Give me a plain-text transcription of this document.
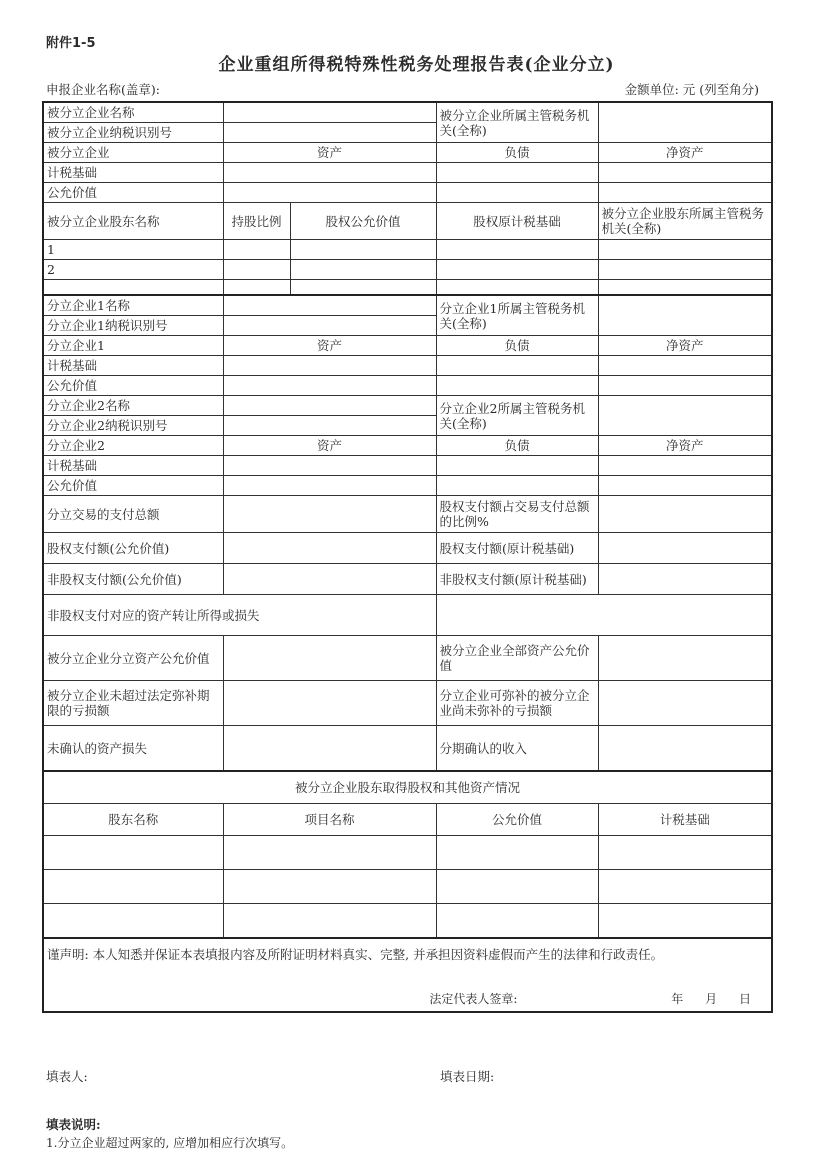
附件1-5
企业重组所得税特殊性税务处理报告表(企业分立)
申报企业名称(盖章):	金额单位: 元 (列至角分)
被分立企业名称			被分立企业所属主管税务机关(全称)	
被分立企业纳税识别号				
被分立企业	资产		负债	净资产
计税基础				
公允价值				
被分立企业股东名称	持股比例	股权公允价值	股权原计税基础	被分立企业股东所属主管税务机关(全称)
1				
2				

分立企业1名称			分立企业1所属主管税务机关(全称)	
分立企业1纳税识别号				
分立企业1	资产		负债	净资产
计税基础				
公允价值				
分立企业2名称			分立企业2所属主管税务机关(全称)	
分立企业2纳税识别号				
分立企业2	资产		负债	净资产
计税基础				
公允价值				
分立交易的支付总额			股权支付额占交易支付总额的比例%	
股权支付额(公允价值)			股权支付额(原计税基础)	
非股权支付额(公允价值)			非股权支付额(原计税基础)	
非股权支付对应的资产转让所得或损失				
被分立企业分立资产公允价值			被分立企业全部资产公允价值	
被分立企业未超过法定弥补期限的亏损额			分立企业可弥补的被分立企业尚未弥补的亏损额	
未确认的资产损失			分期确认的收入	
被分立企业股东取得股权和其他资产情况				
股东名称	项目名称		公允价值	计税基础

谨声明: 本人知悉并保证本表填报内容及所附证明材料真实、完整, 并承担因资料虚假而产生的法律和行政责任。
法定代表人签章: 年 月 日				
填表人:	填表日期:
填表说明:
1.分立企业超过两家的, 应增加相应行次填写。
